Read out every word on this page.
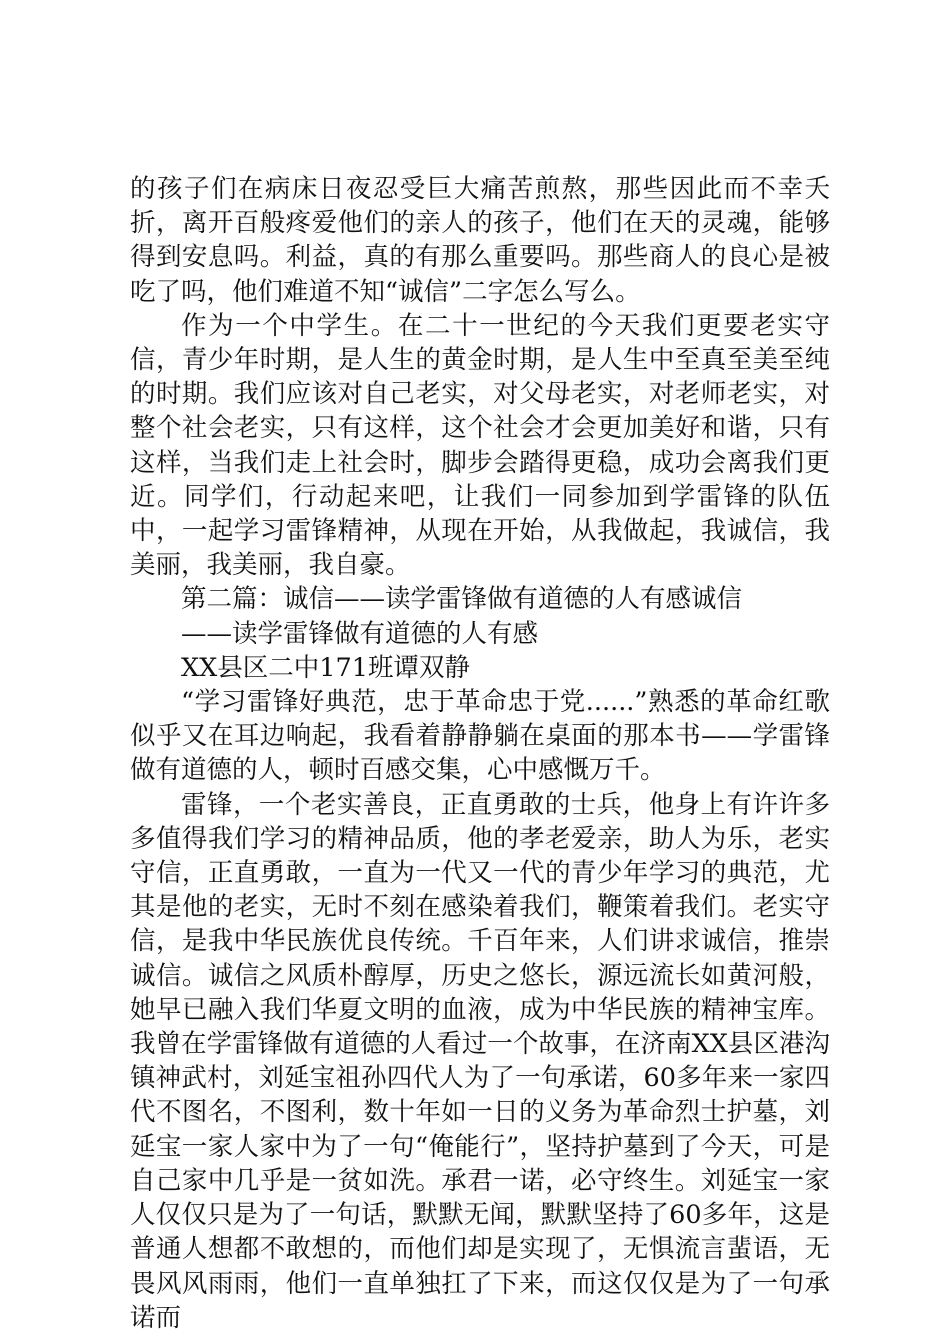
的孩子们在病床日夜忍受巨大痛苦煎熬，那些因此而不幸夭折，离开百般疼爱他们的亲人的孩子，他们在天的灵魂，能够得到安息吗。利益，真的有那么重要吗。那些商人的良心是被吃了吗，他们难道不知“诚信”二字怎么写么。

作为一个中学生。在二十一世纪的今天我们更要老实守信，青少年时期，是人生的黄金时期，是人生中至真至美至纯的时期。我们应该对自己老实，对父母老实，对老师老实，对整个社会老实，只有这样，这个社会才会更加美好和谐，只有这样，当我们走上社会时，脚步会踏得更稳，成功会离我们更近。同学们，行动起来吧，让我们一同参加到学雷锋的队伍中，一起学习雷锋精神，从现在开始，从我做起，我诚信，我美丽，我美丽，我自豪。

第二篇：诚信——读学雷锋做有道德的人有感诚信

——读学雷锋做有道德的人有感

XX县区二中171班谭双静

“学习雷锋好典范，忠于革命忠于党......”熟悉的革命红歌似乎又在耳边响起，我看着静静躺在桌面的那本书——学雷锋做有道德的人，顿时百感交集，心中感慨万千。

雷锋，一个老实善良，正直勇敢的士兵，他身上有许许多多值得我们学习的精神品质，他的孝老爱亲，助人为乐，老实守信，正直勇敢，一直为一代又一代的青少年学习的典范，尤其是他的老实，无时不刻在感染着我们，鞭策着我们。老实守信，是我中华民族优良传统。千百年来，人们讲求诚信，推崇诚信。诚信之风质朴醇厚，历史之悠长，源远流长如黄河般，她早已融入我们华夏文明的血液，成为中华民族的精神宝库。我曾在学雷锋做有道德的人看过一个故事，在济南XX县区港沟镇神武村，刘延宝祖孙四代人为了一句承诺，60多年来一家四代不图名，不图利，数十年如一日的义务为革命烈士护墓，刘延宝一家人家中为了一句“俺能行”，坚持护墓到了今天，可是自己家中几乎是一贫如洗。承君一诺，必守终生。刘延宝一家人仅仅只是为了一句话，默默无闻，默默坚持了60多年，这是普通人想都不敢想的，而他们却是实现了，无惧流言蜚语，无畏风风雨雨，他们一直单独扛了下来，而这仅仅是为了一句承诺而
